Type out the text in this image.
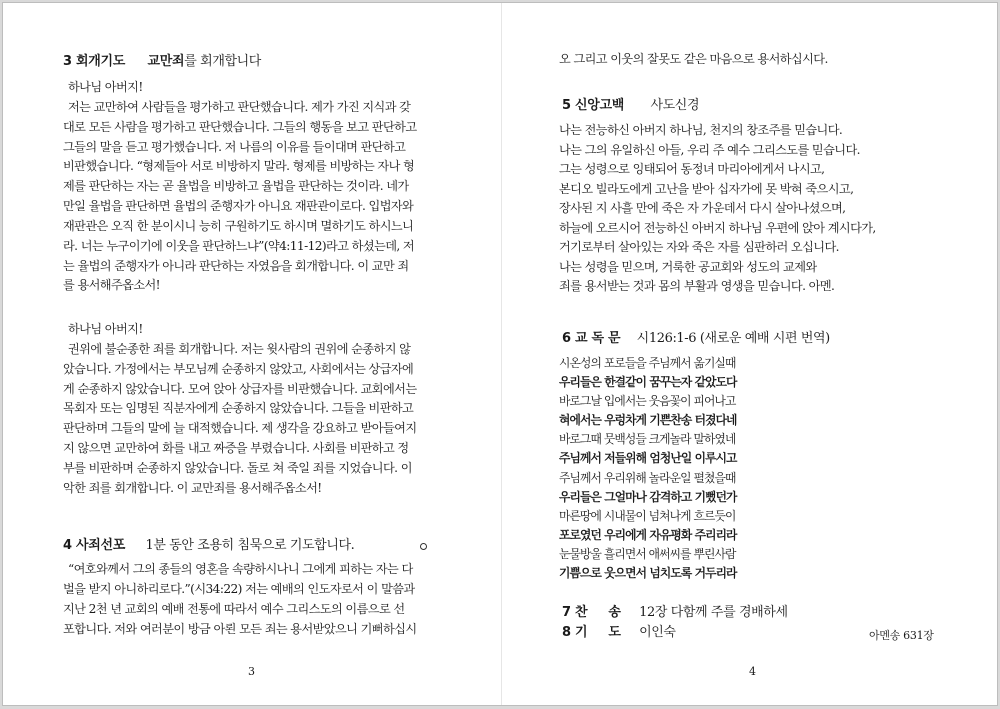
3 회개기도 교만죄를 회개합니다
하나님 아버지!
저는 교만하여 사람들을 평가하고 판단했습니다. 제가 가진 지식과 갖
대로 모든 사람을 평가하고 판단했습니다. 그들의 행동을 보고 판단하고
그들의 말을 듣고 평가했습니다. 저 나름의 이유를 들이대며 판단하고
비판했습니다. “형제들아 서로 비방하지 말라. 형제를 비방하는 자나 형
제를 판단하는 자는 곧 율법을 비방하고 율법을 판단하는 것이라. 네가
만일 율법을 판단하면 율법의 준행자가 아니요 재판관이로다. 입법자와
재판관은 오직 한 분이시니 능히 구원하기도 하시며 멸하기도 하시느니
라. 너는 누구이기에 이웃을 판단하느냐”(약4:11-12)라고 하셨는데, 저
는 율법의 준행자가 아니라 판단하는 자였음을 회개합니다. 이 교만 죄
를 용서해주옵소서!
하나님 아버지!
권위에 불순종한 죄를 회개합니다. 저는 윗사람의 권위에 순종하지 않
았습니다. 가정에서는 부모님께 순종하지 않았고, 사회에서는 상급자에
게 순종하지 않았습니다. 모여 앉아 상급자를 비판했습니다. 교회에서는
목회자 또는 임명된 직분자에게 순종하지 않았습니다. 그들을 비판하고
판단하며 그들의 말에 늘 대적했습니다. 제 생각을 강요하고 받아들여지
지 않으면 교만하여 화를 내고 짜증을 부렸습니다. 사회를 비판하고 정
부를 비판하며 순종하지 않았습니다. 돌로 쳐 죽일 죄를 지었습니다. 이
악한 죄를 회개합니다. 이 교만죄를 용서해주옵소서!
4 사죄선포 1분 동안 조용히 침묵으로 기도합니다.
“여호와께서 그의 종들의 영혼을 속량하시나니 그에게 피하는 자는 다
벌을 받지 아니하리로다.”(시34:22) 저는 예배의 인도자로서 이 말씀과
지난 2천 년 교회의 예배 전통에 따라서 예수 그리스도의 이름으로 선
포합니다. 저와 여러분이 방금 아뢴 모든 죄는 용서받았으니 기뻐하십시
3
오 그리고 이웃의 잘못도 같은 마음으로 용서하십시다.
5 신앙고백 사도신경
나는 전능하신 아버지 하나님, 천지의 창조주를 믿습니다.
나는 그의 유일하신 아들, 우리 주 예수 그리스도를 믿습니다.
그는 성령으로 잉태되어 동정녀 마리아에게서 나시고,
본디오 빌라도에게 고난을 받아 십자가에 못 박혀 죽으시고,
장사된 지 사흘 만에 죽은 자 가운데서 다시 살아나셨으며,
하늘에 오르시어 전능하신 아버지 하나님 우편에 앉아 계시다가,
거기로부터 살아있는 자와 죽은 자를 심판하러 오십니다.
나는 성령을 믿으며, 거룩한 공교회와 성도의 교제와
죄를 용서받는 것과 몸의 부활과 영생을 믿습니다. 아멘.
6 교 독 문 시126:1-6 (새로운 예배 시편 번역)
시온성의 포로들을 주님께서 옮기실때
우리들은 한결같이 꿈꾸는자 같았도다
바로그날 입에서는 웃음꽃이 피어나고
혀에서는 우렁차게 기쁜찬송 터졌다네
바로그때 뭇백성들 크게놀라 말하였네
주님께서 저들위해 엄청난일 이루시고
주님께서 우리위해 놀라운일 펼쳤을때
우리들은 그얼마나 감격하고 기뻤던가
마른땅에 시내물이 넘쳐나게 흐르듯이
포로였던 우리에게 자유평화 주리리라
눈물방울 흘리면서 애써씨를 뿌린사람
기쁨으로 웃으면서 넘치도록 거두리라
7 찬     송 12장 다함께 주를 경배하세
8 기     도 이인숙	아멘송 631장
4
